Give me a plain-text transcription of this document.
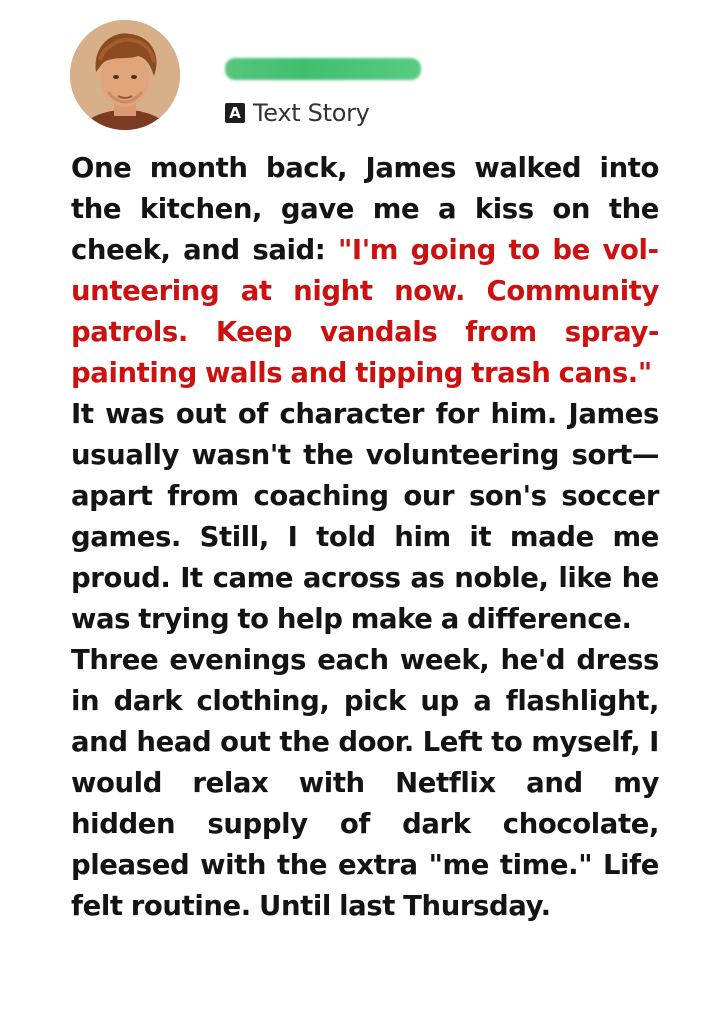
A Text Story

One month back, James walked into the kitchen, gave me a kiss on the cheek, and said: "I'm going to be volunteering at night now. Community patrols. Keep vandals from spray-painting walls and tipping trash cans."

It was out of character for him. James usually wasn't the volunteering sort—apart from coaching our son's soccer games. Still, I told him it made me proud. It came across as noble, like he was trying to help make a difference.

Three evenings each week, he'd dress in dark clothing, pick up a flashlight, and head out the door. Left to myself, I would relax with Netflix and my hidden supply of dark chocolate, pleased with the extra "me time." Life felt routine. Until last Thursday.
